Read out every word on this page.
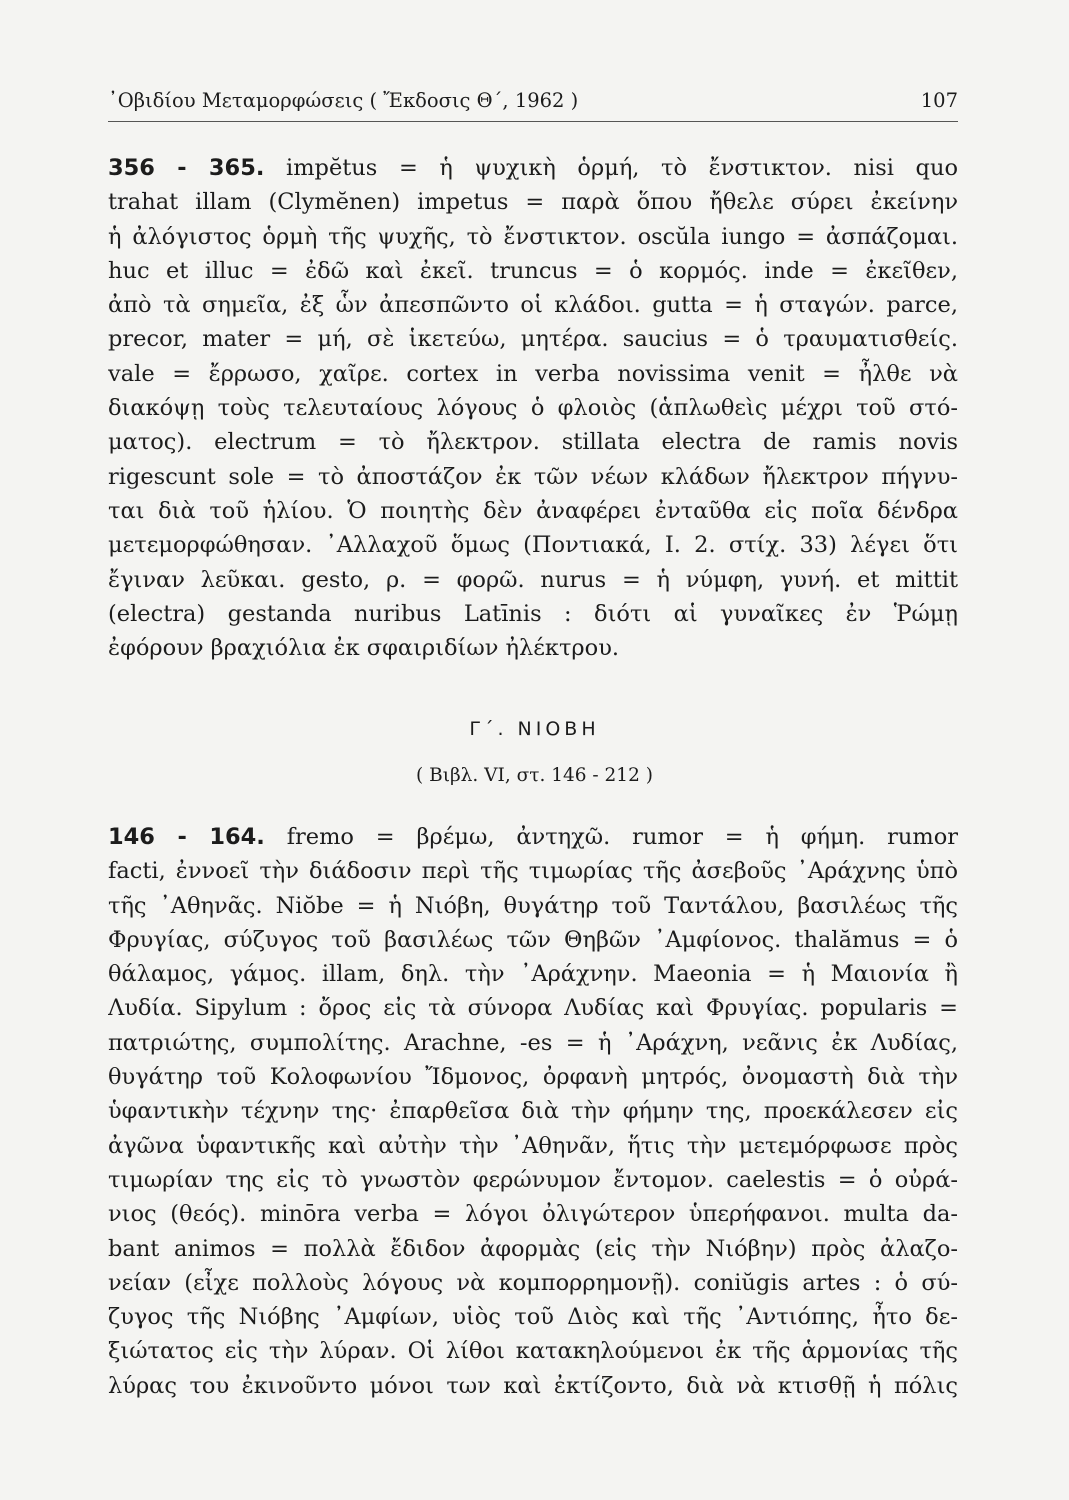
᾽Οβιδίου Μεταμορφώσεις ( Ἔκδοσις Θ΄, 1962 )	107
356 - 365. impĕtus = ἡ ψυχικὴ ὁρμή, τὸ ἔνστικτον. nisi quo
trahat illam (Clymĕnen) impetus = παρὰ ὅπου ἤθελε σύρει ἐκείνην
ἡ ἀλόγιστος ὁρμὴ τῆς ψυχῆς, τὸ ἔνστικτον. oscŭla iungo = ἀσπάζομαι.
huc et illuc = ἐδῶ καὶ ἐκεῖ. truncus = ὁ κορμός. inde = ἐκεῖθεν,
ἀπὸ τὰ σημεῖα, ἐξ ὧν ἀπεσπῶντο οἱ κλάδοι. gutta = ἡ σταγών. parce,
precor, mater = μή, σὲ ἱκετεύω, μητέρα. saucius = ὁ τραυματισθείς.
vale = ἔρρωσο, χαῖρε. cortex in verba novissima venit = ἦλθε νὰ
διακόψῃ τοὺς τελευταίους λόγους ὁ φλοιὸς (ἁπλωθεὶς μέχρι τοῦ στό-
ματος). electrum = τὸ ἤλεκτρον. stillata electra de ramis novis
rigescunt sole = τὸ ἀποστάζον ἐκ τῶν νέων κλάδων ἤλεκτρον πήγνυ-
ται διὰ τοῦ ἡλίου. Ὁ ποιητὴς δὲν ἀναφέρει ἐνταῦθα εἰς ποῖα δένδρα
μετεμορφώθησαν. ᾽Αλλαχοῦ ὅμως (Ποντιακά, Ι. 2. στίχ. 33) λέγει ὅτι
ἔγιναν λεῦκαι. gesto, ρ. = φορῶ. nurus = ἡ νύμφη, γυνή. et mittit
(electra) gestanda nuribus Latīnis : διότι αἱ γυναῖκες ἐν Ῥώμῃ
ἐφόρουν βραχιόλια ἐκ σφαιριδίων ἠλέκτρου.
Γ΄. ΝΙΟΒΗ
( Βιβλ. VI, στ. 146 - 212 )
146 - 164. fremo = βρέμω, ἀντηχῶ. rumor = ἡ φήμη. rumor
facti, ἐννοεῖ τὴν διάδοσιν περὶ τῆς τιμωρίας τῆς ἀσεβοῦς ᾽Αράχνης ὑπὸ
τῆς ᾽Αθηνᾶς. Niŏbe = ἡ Νιόβη, θυγάτηρ τοῦ Ταντάλου, βασιλέως τῆς
Φρυγίας, σύζυγος τοῦ βασιλέως τῶν Θηβῶν ᾽Αμφίονος. thalămus = ὁ
θάλαμος, γάμος. illam, δηλ. τὴν ᾽Αράχνην. Maeonia = ἡ Μαιονία ἢ
Λυδία. Sipylum : ὄρος εἰς τὰ σύνορα Λυδίας καὶ Φρυγίας. popularis =
πατριώτης, συμπολίτης. Arachne, -es = ἡ ᾽Αράχνη, νεᾶνις ἐκ Λυδίας,
θυγάτηρ τοῦ Κολοφωνίου Ἴδμονος, ὀρφανὴ μητρός, ὀνομαστὴ διὰ τὴν
ὑφαντικὴν τέχνην της· ἐπαρθεῖσα διὰ τὴν φήμην της, προεκάλεσεν εἰς
ἀγῶνα ὑφαντικῆς καὶ αὐτὴν τὴν ᾽Αθηνᾶν, ἥτις τὴν μετεμόρφωσε πρὸς
τιμωρίαν της εἰς τὸ γνωστὸν φερώνυμον ἔντομον. caelestis = ὁ οὐρά-
νιος (θεός). minōra verba = λόγοι ὀλιγώτερον ὑπερήφανοι. multa da-
bant animos = πολλὰ ἔδιδον ἀφορμὰς (εἰς τὴν Νιόβην) πρὸς ἀλαζο-
νείαν (εἶχε πολλοὺς λόγους νὰ κομπορρημονῇ). coniŭgis artes : ὁ σύ-
ζυγος τῆς Νιόβης ᾽Αμφίων, υἱὸς τοῦ Διὸς καὶ τῆς ᾽Αντιόπης, ἦτο δε-
ξιώτατος εἰς τὴν λύραν. Οἱ λίθοι κατακηλούμενοι ἐκ τῆς ἁρμονίας τῆς
λύρας του ἐκινοῦντο μόνοι των καὶ ἐκτίζοντο, διὰ νὰ κτισθῇ ἡ πόλις
